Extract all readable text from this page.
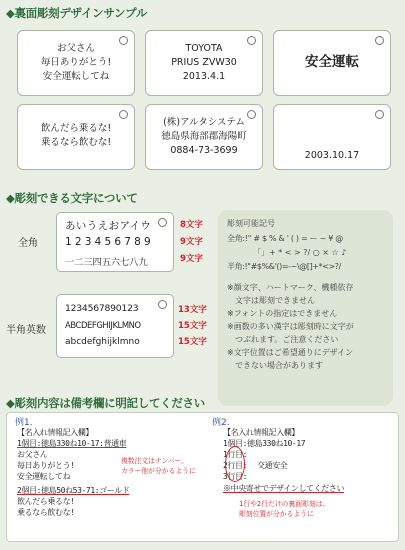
◆裏面彫刻デザインサンプル
お父さん
毎日ありがとう!
安全運転してね
TOYOTA
PRIUS ZVW30
2013.4.1
安全運転
飲んだら乗るな!
乗るなら飲むな!
(株)アルタシステム
徳島県海部郡海陽町
0884-73-3699	2003.10.17
◆彫刻できる文字について
全角
あいうえおアイウ
123456789
一二三四五六七八九
8文字
9文字
9文字
半角英数
1234567890123
ABCDEFGHIJKLMNO
abcdefghijklmno
13文字
15文字
15文字
彫刻可能記号
全角:!" # $ % & ' ( ) = ー ~ ¥ @
「」+ * < > ?/ ○ × ☆ ♪
半角:!"#$%&'()=-~\@[]+*<>?/
※顔文字、ハートマーク、機種依存
　文字は彫刻できません
※フォントの指定はできません
※画数の多い漢字は彫刻時に文字が
　つぶれます。ご注意ください
※文字位置はご希望通りにデザイン
　できない場合があります
◆彫刻内容は備考欄に明記してください
例1.
【名入れ情報記入欄】
1個目:徳島330ね10-17:普通車
お父さん
毎日ありがとう!
安全運転してね
2個目:徳島50ね53-71:ゴールド
飲んだら乗るな!
乗るなら飲むな!
複数注文はナンバー、
カラー他が分かるように
例2.
【名入れ情報記入欄】
1個目:徳島330ね10-17
1行目:
2行目:
3行目:
交通安全
※中央寄せでデザインしてください
1行や2行だけの裏面彫刻は、
彫刻位置が分かるように
